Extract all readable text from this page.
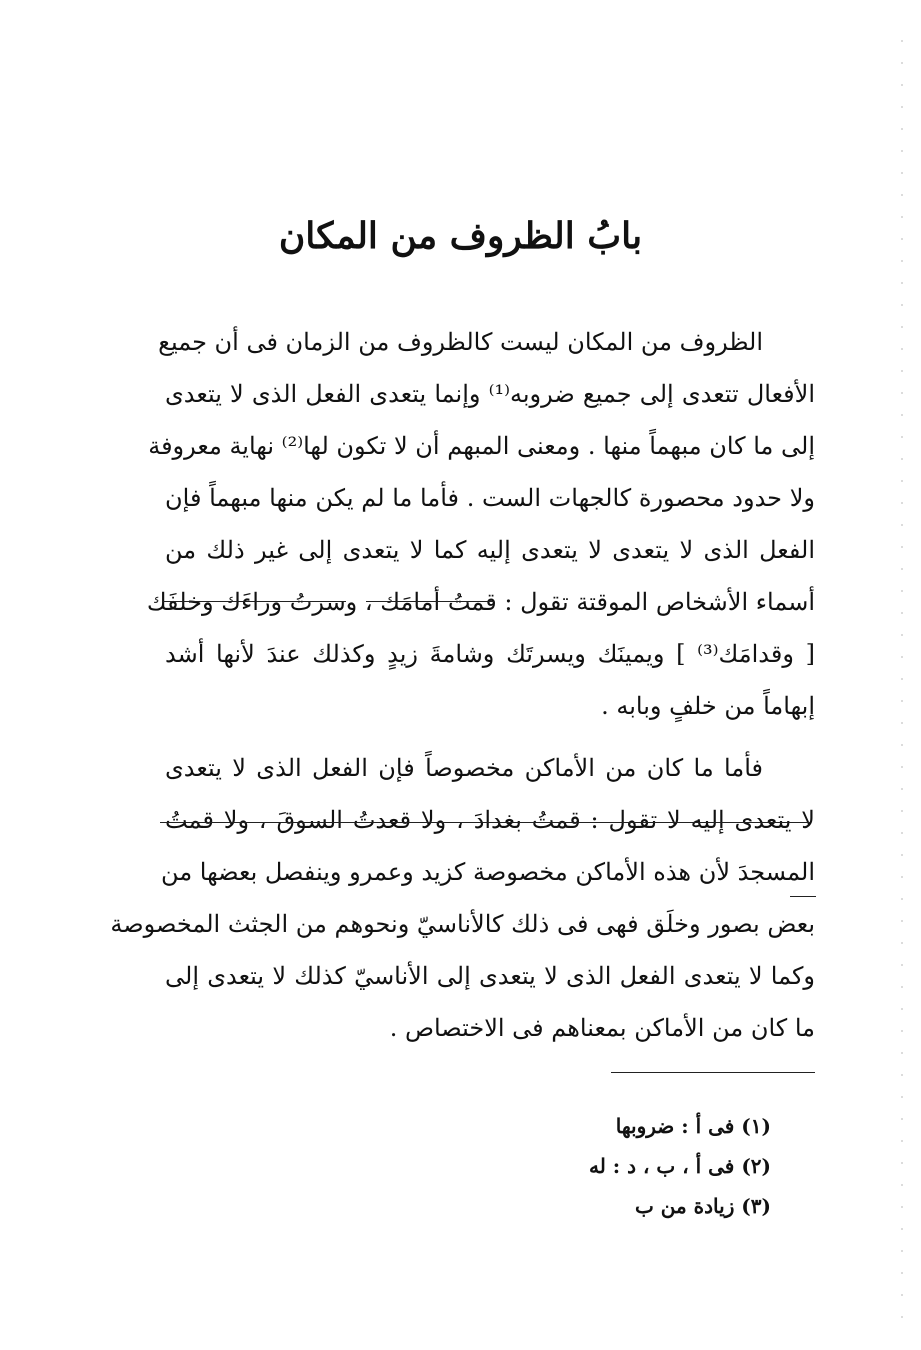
بابُ الظروف من المكان
الظروف من المكان ليست كالظروف من الزمان فى أن جميع
الأفعال تتعدى إلى جميع ضروبه⁽¹⁾ وإنما يتعدى الفعل الذى لا يتعدى
إلى ما كان مبهماً منها . ومعنى المبهم أن لا تكون لها⁽²⁾ نهاية معروفة
ولا حدود محصورة كالجهات الست . فأما ما لم يكن منها مبهماً فإن
الفعل الذى لا يتعدى لا يتعدى إليه كما لا يتعدى إلى غير ذلك من
أسماء الأشخاص الموقتة تقول : قمتُ أمامَك ، وسرتُ وراءَك وخلفَك
[ وقدامَك⁽³⁾ ] ويمينَك ويسرتَك وشامةَ زيدٍ وكذلك عندَ لأنها أشد
إبهاماً من خلفٍ وبابه .
فأما ما كان من الأماكن مخصوصاً فإن الفعل الذى لا يتعدى
لا يتعدى إليه لا تقول : قمتُ بغدادَ ، ولا قعدتُ السوقَ ، ولا قمتُ
المسجدَ لأن هذه الأماكن مخصوصة كزيد وعمرو وينفصل بعضها من
بعض بصور وخلَق فهى فى ذلك كالأناسيّ ونحوهم من الجثث المخصوصة
وكما لا يتعدى الفعل الذى لا يتعدى إلى الأناسيّ كذلك لا يتعدى إلى
ما كان من الأماكن بمعناهم فى الاختصاص .
(١) فى أ : ضروبها
(٢) فى أ ، ب ، د : له
(٣) زيادة من ب
